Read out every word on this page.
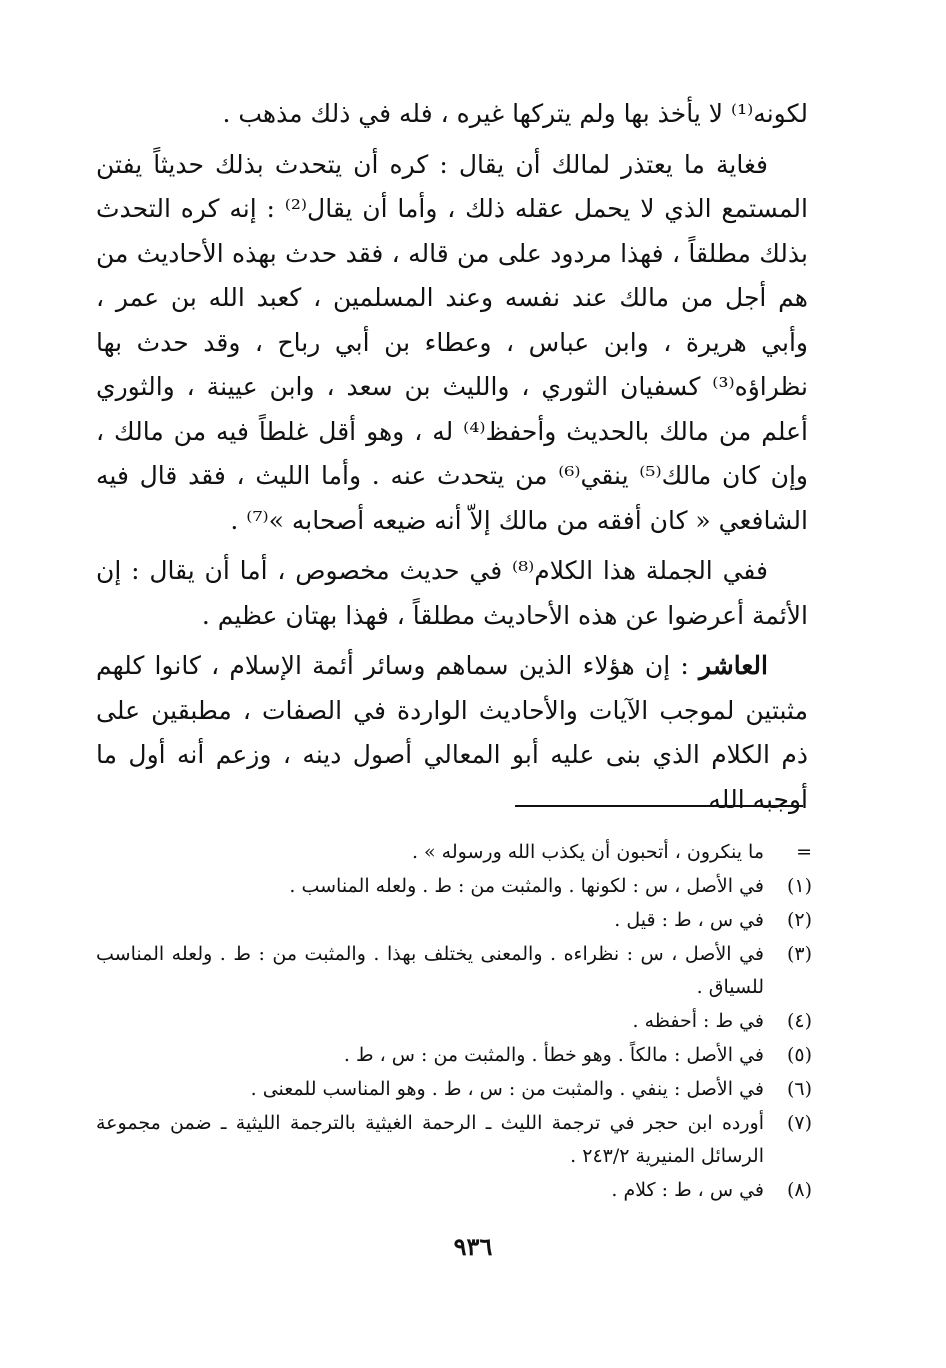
لكونه⁽¹⁾ لا يأخذ بها ولم يتركها غيره ، فله في ذلك مذهب .

فغاية ما يعتذر لمالك أن يقال : كره أن يتحدث بذلك حديثاً يفتن المستمع الذي لا يحمل عقله ذلك ، وأما أن يقال⁽²⁾ : إنه كره التحدث بذلك مطلقاً ، فهذا مردود على من قاله ، فقد حدث بهذه الأحاديث من هم أجل من مالك عند نفسه وعند المسلمين ، كعبد الله بن عمر ، وأبي هريرة ، وابن عباس ، وعطاء بن أبي رباح ، وقد حدث بها نظراؤه⁽³⁾ كسفيان الثوري ، والليث بن سعد ، وابن عيينة ، والثوري أعلم من مالك بالحديث وأحفظ⁽⁴⁾ له ، وهو أقل غلطاً فيه من مالك ، وإن كان مالك⁽⁵⁾ ينقي⁽⁶⁾ من يتحدث عنه . وأما الليث ، فقد قال فيه الشافعي « كان أفقه من مالك إلاّ أنه ضيعه أصحابه »⁽⁷⁾ .

ففي الجملة هذا الكلام⁽⁸⁾ في حديث مخصوص ، أما أن يقال : إن الأئمة أعرضوا عن هذه الأحاديث مطلقاً ، فهذا بهتان عظيم .

العاشر : إن هؤلاء الذين سماهم وسائر أئمة الإسلام ، كانوا كلهم مثبتين لموجب الآيات والأحاديث الواردة في الصفات ، مطبقين على ذم الكلام الذي بنى عليه أبو المعالي أصول دينه ، وزعم أنه أول ما أوجبه الله

=
ما ينكرون ، أتحبون أن يكذب الله ورسوله » .
(١)
في الأصل ، س : لكونها . والمثبت من : ط . ولعله المناسب .
(٢)
في س ، ط : قيل .
(٣)
في الأصل ، س : نظراءه . والمعنى يختلف بهذا . والمثبت من : ط . ولعله المناسب للسياق .
(٤)
في ط : أحفظه .
(٥)
في الأصل : مالكاً . وهو خطأ . والمثبت من : س ، ط .
(٦)
في الأصل : ينفي . والمثبت من : س ، ط . وهو المناسب للمعنى .
(٧)
أورده ابن حجر في ترجمة الليث ـ الرحمة الغيثية بالترجمة الليثية ـ ضمن مجموعة الرسائل المنيرية ٢٤٣/٢ .
(٨)
في س ، ط : كلام .
٩٣٦
